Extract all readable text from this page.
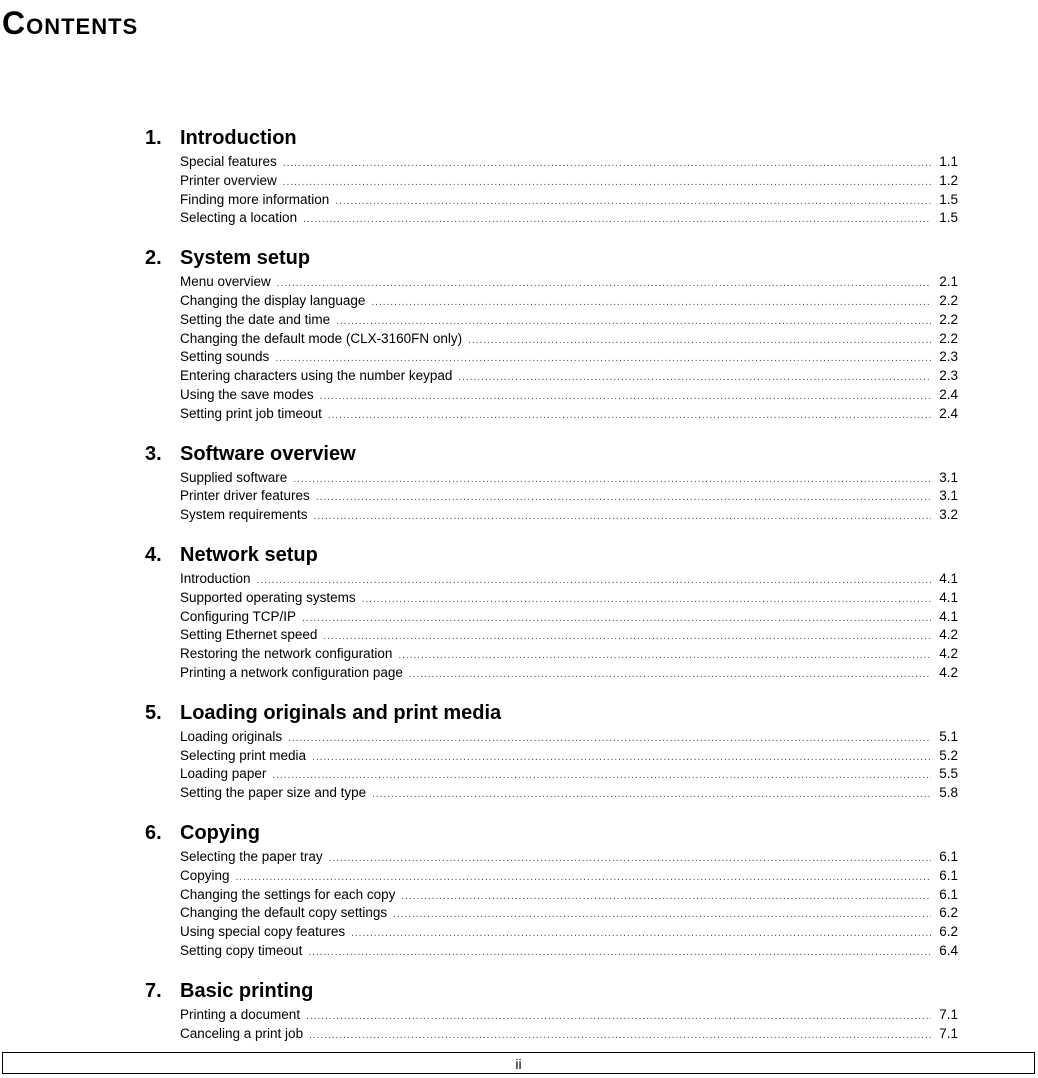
Contents
1. Introduction
Special features .....	1.1
Printer overview .....	1.2
Finding more information .....	1.5
Selecting a location .....	1.5
2. System setup
Menu overview .....	2.1
Changing the display language .....	2.2
Setting the date and time .....	2.2
Changing the default mode (CLX-3160FN only) .....	2.2
Setting sounds .....	2.3
Entering characters using the number keypad .....	2.3
Using the save modes .....	2.4
Setting print job timeout .....	2.4
3. Software overview
Supplied software .....	3.1
Printer driver features .....	3.1
System requirements .....	3.2
4. Network setup
Introduction .....	4.1
Supported operating systems .....	4.1
Configuring TCP/IP .....	4.1
Setting Ethernet speed .....	4.2
Restoring the network configuration .....	4.2
Printing a network configuration page .....	4.2
5. Loading originals and print media
Loading originals .....	5.1
Selecting print media .....	5.2
Loading paper .....	5.5
Setting the paper size and type .....	5.8
6. Copying
Selecting the paper tray .....	6.1
Copying .....	6.1
Changing the settings for each copy .....	6.1
Changing the default copy settings .....	6.2
Using special copy features .....	6.2
Setting copy timeout .....	6.4
7. Basic printing
Printing a document .....	7.1
Canceling a print job .....	7.1
ii
